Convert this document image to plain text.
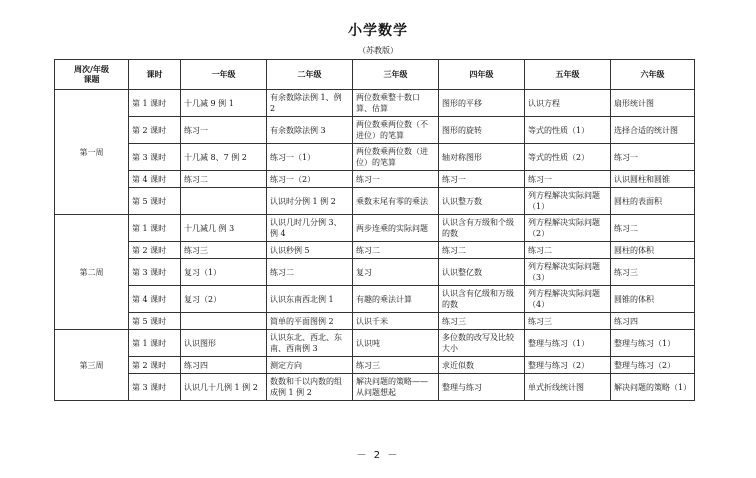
小学数学
（苏教版）
周次/年级
课题	课时	一年级	二年级	三年级	四年级	五年级	六年级
第一周	第 1 课时	十几减 9 例 1	有余数除法例 1、例 2	两位数乘整十数口算、估算	图形的平移	认识方程	扇形统计图
	第 2 课时	练习一	有余数除法例 3	两位数乘两位数（不进位）的笔算	图形的旋转	等式的性质（1）	选择合适的统计图
	第 3 课时	十几减 8、7 例 2	练习一（1）	两位数乘两位数（进位）的笔算	轴对称图形	等式的性质（2）	练习一
	第 4 课时	练习二	练习一（2）	练习一	练习一	练习一	认识圆柱和圆锥
	第 5 课时		认识时分例 1 例 2	乘数末尾有零的乘法	认识整万数	列方程解决实际问题（1）	圆柱的表面积
第二周	第 1 课时	十几减几 例 3	认识几时几分例 3、例 4	两步连乘的实际问题	认识含有万级和个级的数	列方程解决实际问题（2）	练习二
	第 2 课时	练习三	认识秒例 5	练习二	练习二	练习二	圆柱的体积
	第 3 课时	复习（1）	练习二	复习	认识整亿数	列方程解决实际问题（3）	练习三
	第 4 课时	复习（2）	认识东南西北例 1	有趣的乘法计算	认识含有亿级和万级的数	列方程解决实际问题（4）	圆锥的体积
	第 5 课时		简单的平面图例 2	认识千米	练习三	练习三	练习四
第三周	第 1 课时	认识图形	认识东北、西北、东南、西南例 3	认识吨	多位数的改写及比较大小	整理与练习（1）	整理与练习（1）
	第 2 课时	练习四	测定方向	练习三	求近似数	整理与练习（2）	整理与练习（2）
	第 3 课时	认识几十几例 1 例 2	数数和千以内数的组成例 1 例 2	解决问题的策略——从问题想起	整理与练习	单式折线统计图	解决问题的策略（1）
－ 2 －
